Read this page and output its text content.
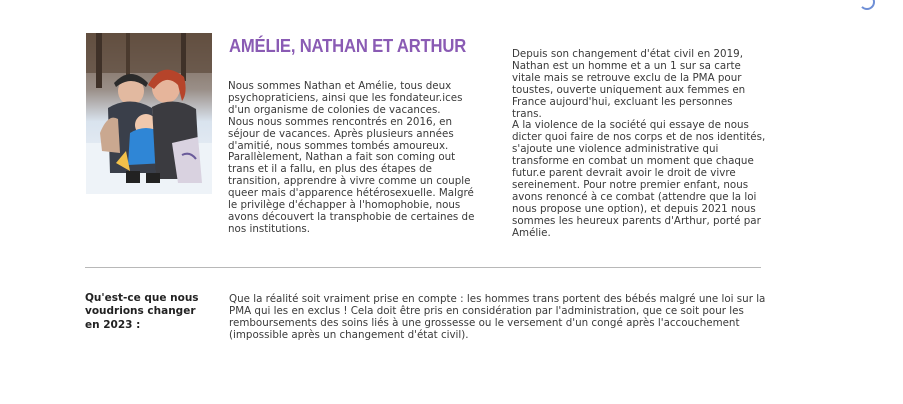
AMÉLIE, NATHAN ET ARTHUR
Nous sommes Nathan et Amélie, tous deux
psychopraticiens, ainsi que les fondateur.ices
d'un organisme de colonies de vacances.
Nous nous sommes rencontrés en 2016, en
séjour de vacances. Après plusieurs années
d'amitié, nous sommes tombés amoureux.
Parallèlement, Nathan a fait son coming out
trans et il a fallu, en plus des étapes de
transition, apprendre à vivre comme un couple
queer mais d'apparence hétérosexuelle. Malgré
le privilège d'échapper à l'homophobie, nous
avons découvert la transphobie de certaines de
nos institutions.
Depuis son changement d'état civil en 2019,
Nathan est un homme et a un 1 sur sa carte
vitale mais se retrouve exclu de la PMA pour
toustes, ouverte uniquement aux femmes en
France aujourd'hui, excluant les personnes
trans.
A la violence de la société qui essaye de nous
dicter quoi faire de nos corps et de nos identités,
s'ajoute une violence administrative qui
transforme en combat un moment que chaque
futur.e parent devrait avoir le droit de vivre
sereinement. Pour notre premier enfant, nous
avons renoncé à ce combat (attendre que la loi
nous propose une option), et depuis 2021 nous
sommes les heureux parents d'Arthur, porté par
Amélie.
Qu'est-ce que nous
voudrions changer
en 2023 :
Que la réalité soit vraiment prise en compte : les hommes trans portent des bébés malgré une loi sur la
PMA qui les en exclus ! Cela doit être pris en considération par l'administration, que ce soit pour les
remboursements des soins liés à une grossesse ou le versement d'un congé après l'accouchement
(impossible après un changement d'état civil).
